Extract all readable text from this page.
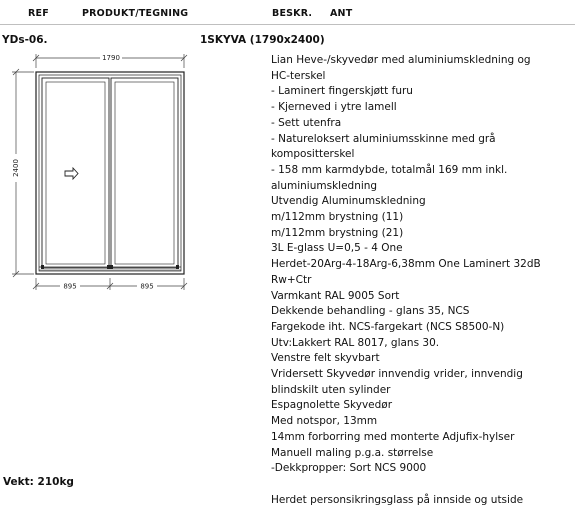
REF	PRODUKT/TEGNING	BESKR. ANT
YDs-06.	1SKYVA (1790x2400)
1790
2400
895	895
Lian Heve-/skyvedør med aluminiumskledning og
HC-terskel
- Laminert fingerskjøtt furu
- Kjerneved i ytre lamell
- Sett utenfra
- Natureloksert aluminiumsskinne med grå
kompositterskel
- 158 mm karmdybde, totalmål 169 mm inkl.
aluminiumskledning
Utvendig Aluminumskledning
m/112mm brystning (11)
m/112mm brystning (21)
3L E-glass U=0,5 - 4 One
Herdet-20Arg-4-18Arg-6,38mm One Laminert 32dB
Rw+Ctr
Varmkant RAL 9005 Sort
Dekkende behandling - glans 35, NCS
Fargekode iht. NCS-fargekart (NCS S8500-N)
Utv:Lakkert RAL 8017, glans 30.
Venstre felt skyvbart
Vridersett Skyvedør innvendig vrider, innvendig
blindskilt uten sylinder
Espagnolette Skyvedør
Med notspor, 13mm
14mm forborring med monterte Adjufix-hylser
Manuell maling p.g.a. størrelse
-Dekkpropper: Sort NCS 9000
Herdet personsikringsglass på innside og utside
Vekt: 210kg
